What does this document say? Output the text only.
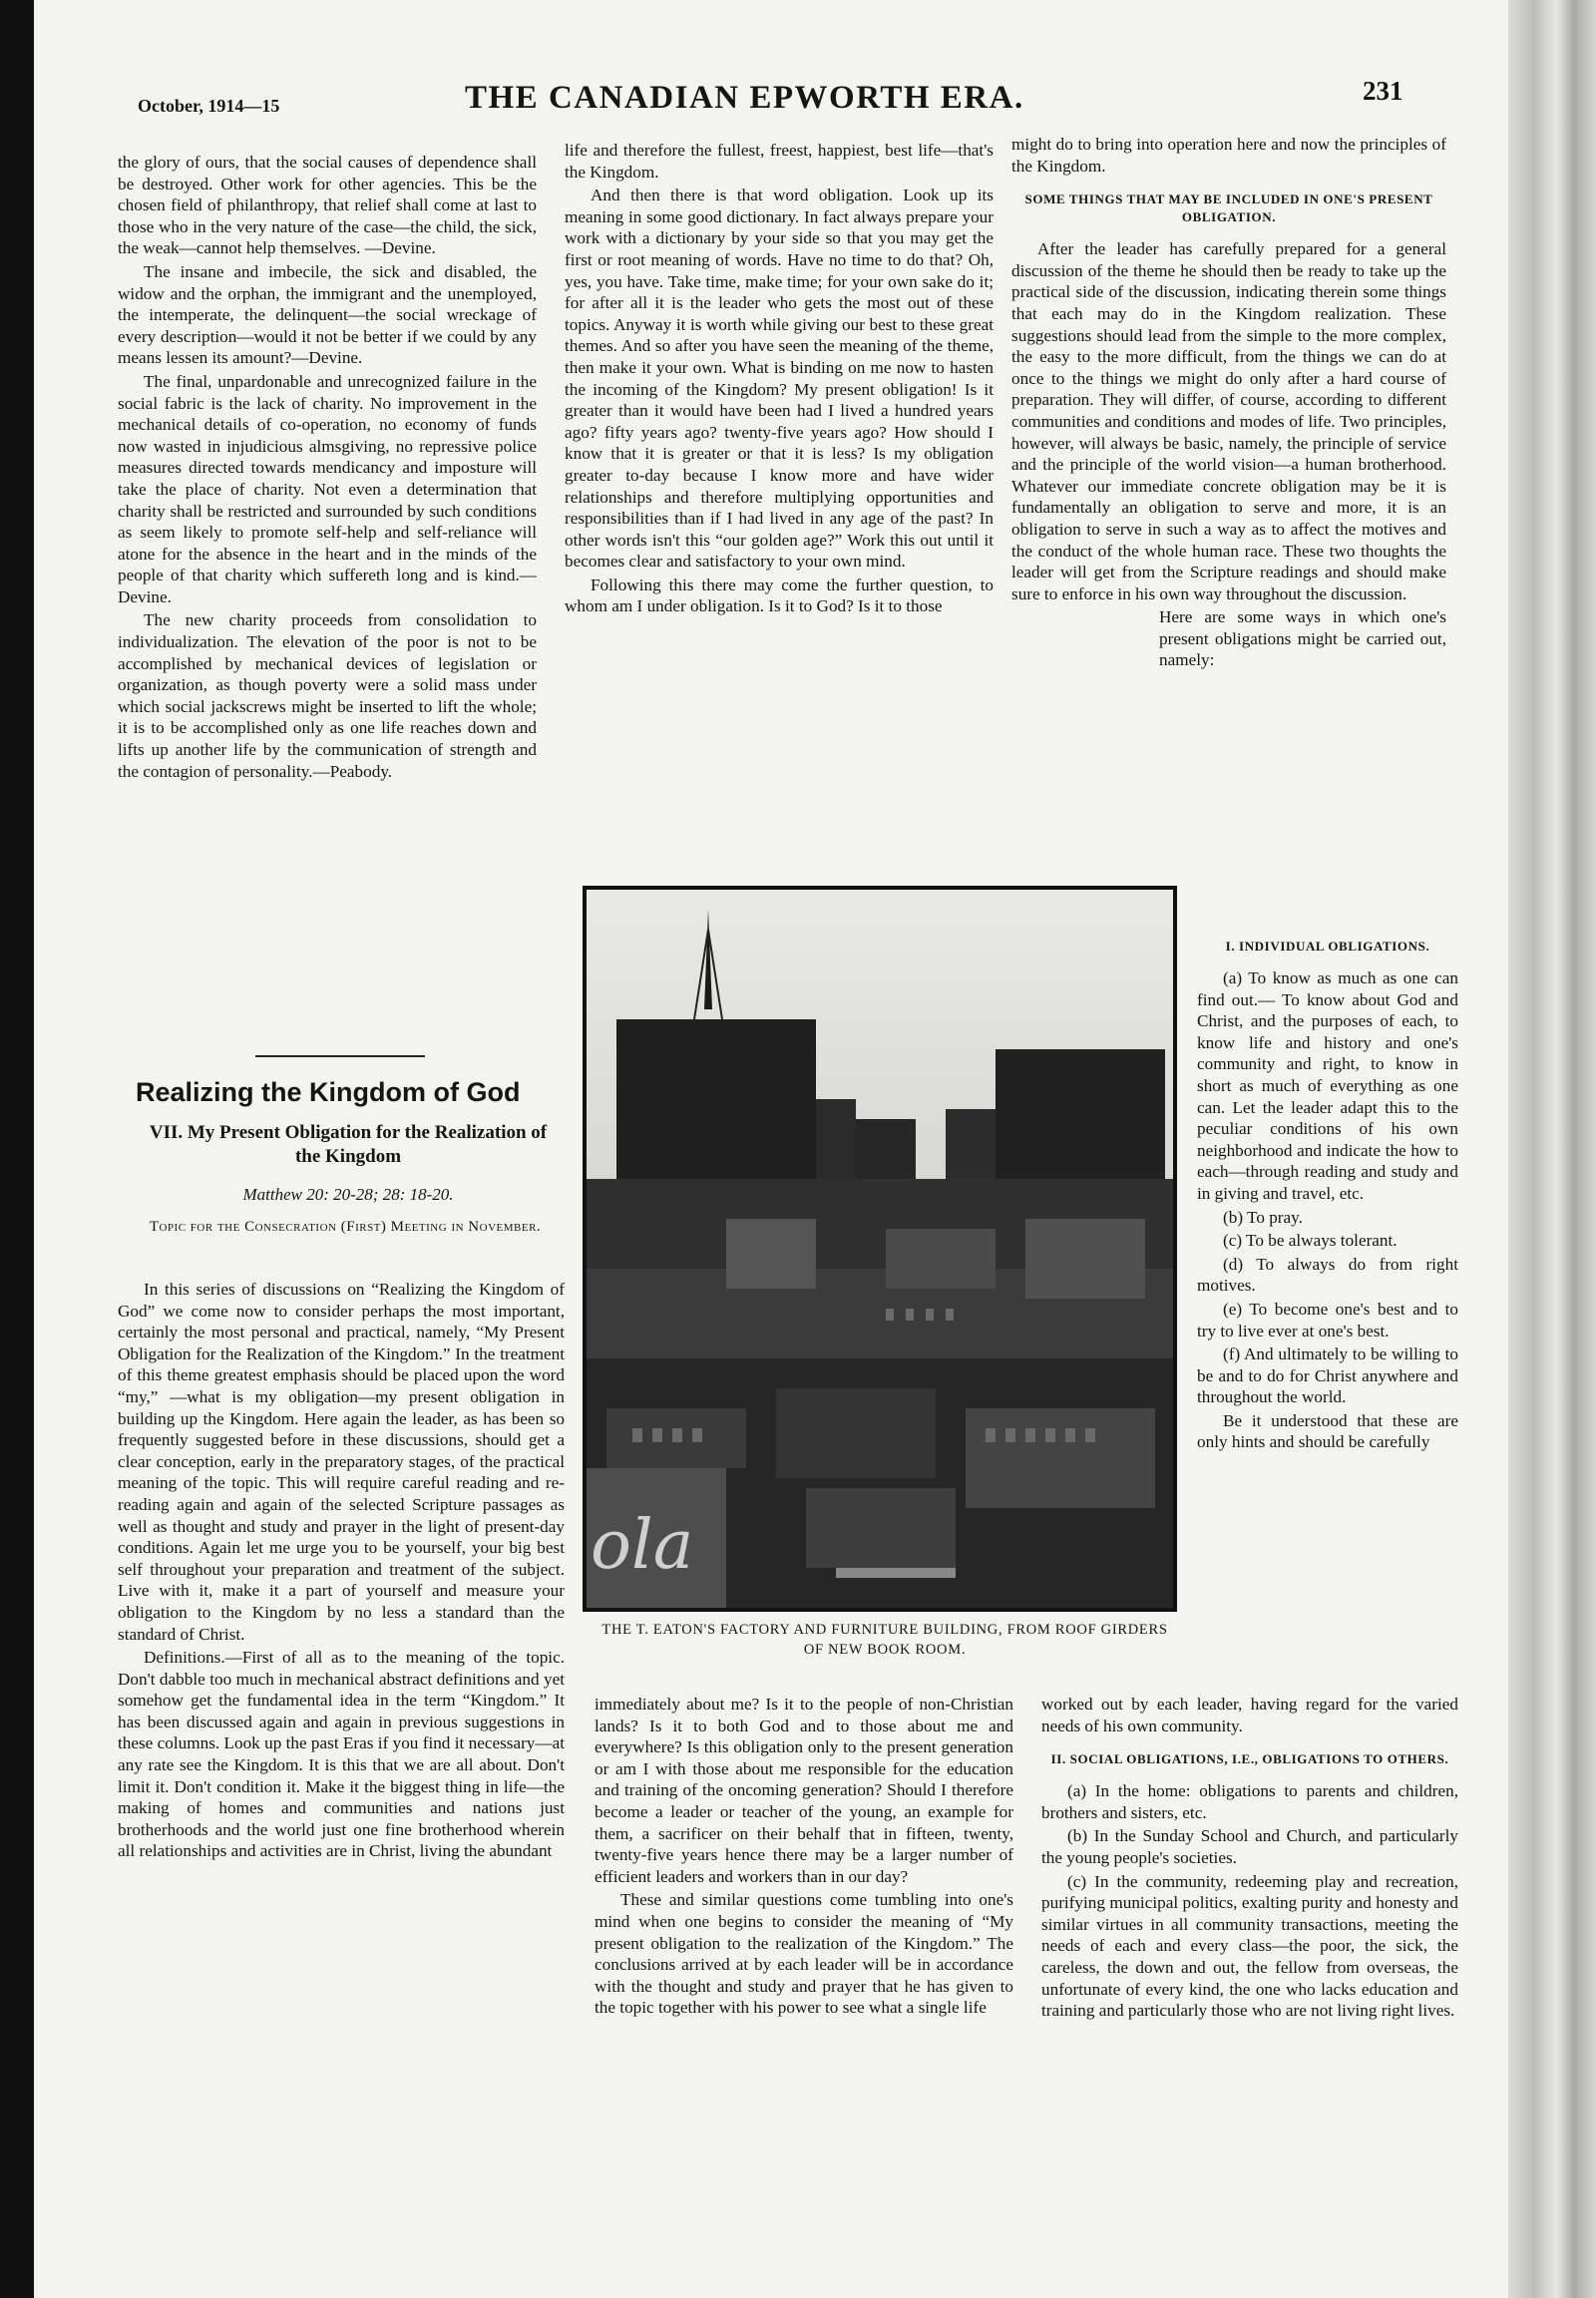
October, 1914—15	THE CANADIAN EPWORTH ERA.	231

the glory of ours, that the social causes of dependence shall be destroyed. Other work for other agencies. This be the chosen field of philanthropy, that relief shall come at last to those who in the very nature of the case—the child, the sick, the weak—cannot help themselves. —Devine.

The insane and imbecile, the sick and disabled, the widow and the orphan, the immigrant and the unemployed, the intemperate, the delinquent—the social wreckage of every description—would it not be better if we could by any means lessen its amount?—Devine.

The final, unpardonable and unrecognized failure in the social fabric is the lack of charity. No improvement in the mechanical details of co-operation, no economy of funds now wasted in injudicious almsgiving, no repressive police measures directed towards mendicancy and imposture will take the place of charity. Not even a determination that charity shall be restricted and surrounded by such conditions as seem likely to promote self-help and self-reliance will atone for the absence in the heart and in the minds of the people of that charity which suffereth long and is kind.—Devine.

The new charity proceeds from consolidation to individualization. The elevation of the poor is not to be accomplished by mechanical devices of legislation or organization, as though poverty were a solid mass under which social jackscrews might be inserted to lift the whole; it is to be accomplished only as one life reaches down and lifts up another life by the communication of strength and the contagion of personality.—Peabody.

Realizing the Kingdom of God
VII. My Present Obligation for the Realization of the Kingdom
Matthew 20: 20-28; 28: 18-20.
Topic for the Consecration (First) Meeting in November.

In this series of discussions on “Realizing the Kingdom of God” we come now to consider perhaps the most important, certainly the most personal and practical, namely, “My Present Obligation for the Realization of the Kingdom.” In the treatment of this theme greatest emphasis should be placed upon the word “my,” —what is my obligation—my present obligation in building up the Kingdom. Here again the leader, as has been so frequently suggested before in these discussions, should get a clear conception, early in the preparatory stages, of the practical meaning of the topic. This will require careful reading and re-reading again and again of the selected Scripture passages as well as thought and study and prayer in the light of present-day conditions. Again let me urge you to be yourself, your big best self throughout your preparation and treatment of the subject. Live with it, make it a part of yourself and measure your obligation to the Kingdom by no less a standard than the standard of Christ.

Definitions.—First of all as to the meaning of the topic. Don't dabble too much in mechanical abstract definitions and yet somehow get the fundamental idea in the term “Kingdom.” It has been discussed again and again in previous suggestions in these columns. Look up the past Eras if you find it necessary—at any rate see the Kingdom. It is this that we are all about. Don't limit it. Don't condition it. Make it the biggest thing in life—the making of homes and communities and nations just brotherhoods and the world just one fine brotherhood wherein all relationships and activities are in Christ, living the abundant

life and therefore the fullest, freest, happiest, best life—that's the Kingdom.

And then there is that word obligation. Look up its meaning in some good dictionary. In fact always prepare your work with a dictionary by your side so that you may get the first or root meaning of words. Have no time to do that? Oh, yes, you have. Take time, make time; for your own sake do it; for after all it is the leader who gets the most out of these topics. Anyway it is worth while giving our best to these great themes. And so after you have seen the meaning of the theme, then make it your own. What is binding on me now to hasten the incoming of the Kingdom? My present obligation! Is it greater than it would have been had I lived a hundred years ago? fifty years ago? twenty-five years ago? How should I know that it is greater or that it is less? Is my obligation greater to-day because I know more and have wider relationships and therefore multiplying opportunities and responsibilities than if I had lived in any age of the past? In other words isn't this “our golden age?” Work this out until it becomes clear and satisfactory to your own mind.

Following this there may come the further question, to whom am I under obligation. Is it to God? Is it to those

ola
THE T. EATON'S FACTORY AND FURNITURE BUILDING, FROM ROOF GIRDERS OF NEW BOOK ROOM.

immediately about me? Is it to the people of non-Christian lands? Is it to both God and to those about me and everywhere? Is this obligation only to the present generation or am I with those about me responsible for the education and training of the oncoming generation? Should I therefore become a leader or teacher of the young, an example for them, a sacrificer on their behalf that in fifteen, twenty, twenty-five years hence there may be a larger number of efficient leaders and workers than in our day?

These and similar questions come tumbling into one's mind when one begins to consider the meaning of “My present obligation to the realization of the Kingdom.” The conclusions arrived at by each leader will be in accordance with the thought and study and prayer that he has given to the topic together with his power to see what a single life

might do to bring into operation here and now the principles of the Kingdom.

SOME THINGS THAT MAY BE INCLUDED IN ONE'S PRESENT OBLIGATION.

After the leader has carefully prepared for a general discussion of the theme he should then be ready to take up the practical side of the discussion, indicating therein some things that each may do in the Kingdom realization. These suggestions should lead from the simple to the more complex, the easy to the more difficult, from the things we can do at once to the things we might do only after a hard course of preparation. They will differ, of course, according to different communities and conditions and modes of life. Two principles, however, will always be basic, namely, the principle of service and the principle of the world vision—a human brotherhood. Whatever our immediate concrete obligation may be it is fundamentally an obligation to serve and more, it is an obligation to serve in such a way as to affect the motives and the conduct of the whole human race. These two thoughts the leader will get from the Scripture readings and should make sure to enforce in his own way throughout the discussion.

Here are some ways in which one's present obligations might be carried out, namely:

I. INDIVIDUAL OBLIGATIONS.

(a) To know as much as one can find out.— To know about God and Christ, and the purposes of each, to know life and history and one's community and right, to know in short as much of everything as one can. Let the leader adapt this to the peculiar conditions of his own neighborhood and indicate the how to each—through reading and study and in giving and travel, etc.

(b) To pray.

(c) To be always tolerant.

(d) To always do from right motives.

(e) To become one's best and to try to live ever at one's best.

(f) And ultimately to be willing to be and to do for Christ anywhere and throughout the world.

Be it understood that these are only hints and should be carefully

worked out by each leader, having regard for the varied needs of his own community.

II. SOCIAL OBLIGATIONS, I.E., OBLIGATIONS TO OTHERS.

(a) In the home: obligations to parents and children, brothers and sisters, etc.

(b) In the Sunday School and Church, and particularly the young people's societies.

(c) In the community, redeeming play and recreation, purifying municipal politics, exalting purity and honesty and similar virtues in all community transactions, meeting the needs of each and every class—the poor, the sick, the careless, the down and out, the fellow from overseas, the unfortunate of every kind, the one who lacks education and training and particularly those who are not living right lives.
